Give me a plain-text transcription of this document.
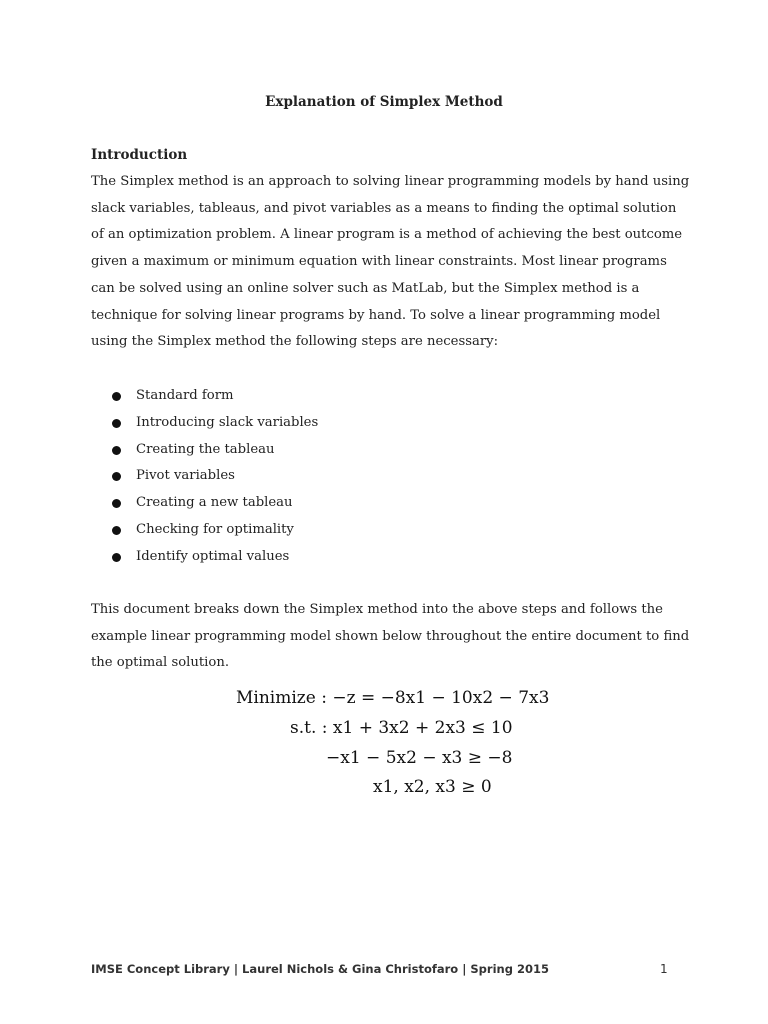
Explanation of Simplex Method
Introduction

The Simplex method is an approach to solving linear programming models by hand using slack variables, tableaus, and pivot variables as a means to finding the optimal solution of an optimization problem. A linear program is a method of achieving the best outcome given a maximum or minimum equation with linear constraints. Most linear programs can be solved using an online solver such as MatLab, but the Simplex method is a technique for solving linear programs by hand. To solve a linear programming model using the Simplex method the following steps are necessary:

Standard form
Introducing slack variables
Creating the tableau
Pivot variables
Creating a new tableau
Checking for optimality
Identify optimal values

This document breaks down the Simplex method into the above steps and follows the example linear programming model shown below throughout the entire document to find the optimal solution.

Minimize : −z = −8x1 − 10x2 − 7x3
s.t. : x1 + 3x2 + 2x3 ≤ 10
−x1 − 5x2 − x3 ≥ −8
x1, x2, x3 ≥ 0
IMSE Concept Library | Laurel Nichols & Gina Christofaro | Spring 2015	1
